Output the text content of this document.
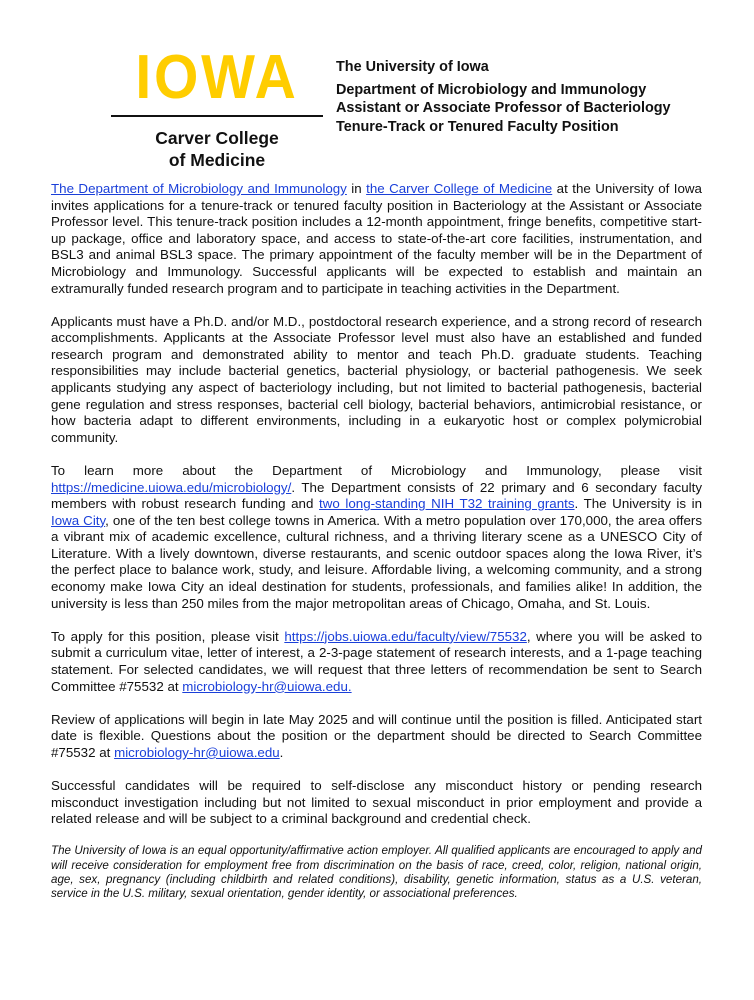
IOWA
Carver College
of Medicine
The University of Iowa
Department of Microbiology and Immunology
Assistant or Associate Professor of Bacteriology
Tenure-Track or Tenured Faculty Position

The Department of Microbiology and Immunology in the Carver College of Medicine at the University of Iowa invites applications for a tenure-track or tenured faculty position in Bacteriology at the Assistant or Associate Professor level. This tenure-track position includes a 12-month appointment, fringe benefits, competitive start-up package, office and laboratory space, and access to state-of-the-art core facilities, instrumentation, and BSL3 and animal BSL3 space. The primary appointment of the faculty member will be in the Department of Microbiology and Immunology. Successful applicants will be expected to establish and maintain an extramurally funded research program and to participate in teaching activities in the Department.

Applicants must have a Ph.D. and/or M.D., postdoctoral research experience, and a strong record of research accomplishments. Applicants at the Associate Professor level must also have an established and funded research program and demonstrated ability to mentor and teach Ph.D. graduate students. Teaching responsibilities may include bacterial genetics, bacterial physiology, or bacterial pathogenesis. We seek applicants studying any aspect of bacteriology including, but not limited to bacterial pathogenesis, bacterial gene regulation and stress responses, bacterial cell biology, bacterial behaviors, antimicrobial resistance, or how bacteria adapt to different environments, including in a eukaryotic host or complex polymicrobial community.

To learn more about the Department of Microbiology and Immunology, please visit https://medicine.uiowa.edu/microbiology/. The Department consists of 22 primary and 6 secondary faculty members with robust research funding and two long-standing NIH T32 training grants. The University is in Iowa City, one of the ten best college towns in America. With a metro population over 170,000, the area offers a vibrant mix of academic excellence, cultural richness, and a thriving literary scene as a UNESCO City of Literature. With a lively downtown, diverse restaurants, and scenic outdoor spaces along the Iowa River, it’s the perfect place to balance work, study, and leisure. Affordable living, a welcoming community, and a strong economy make Iowa City an ideal destination for students, professionals, and families alike! In addition, the university is less than 250 miles from the major metropolitan areas of Chicago, Omaha, and St. Louis.

To apply for this position, please visit https://jobs.uiowa.edu/faculty/view/75532, where you will be asked to submit a curriculum vitae, letter of interest, a 2-3-page statement of research interests, and a 1-page teaching statement. For selected candidates, we will request that three letters of recommendation be sent to Search Committee #75532 at microbiology-hr@uiowa.edu.

Review of applications will begin in late May 2025 and will continue until the position is filled. Anticipated start date is flexible. Questions about the position or the department should be directed to Search Committee #75532 at microbiology-hr@uiowa.edu.

Successful candidates will be required to self-disclose any misconduct history or pending research misconduct investigation including but not limited to sexual misconduct in prior employment and provide a related release and will be subject to a criminal background and credential check.

The University of Iowa is an equal opportunity/affirmative action employer. All qualified applicants are encouraged to apply and will receive consideration for employment free from discrimination on the basis of race, creed, color, religion, national origin, age, sex, pregnancy (including childbirth and related conditions), disability, genetic information, status as a U.S. veteran, service in the U.S. military, sexual orientation, gender identity, or associational preferences.
